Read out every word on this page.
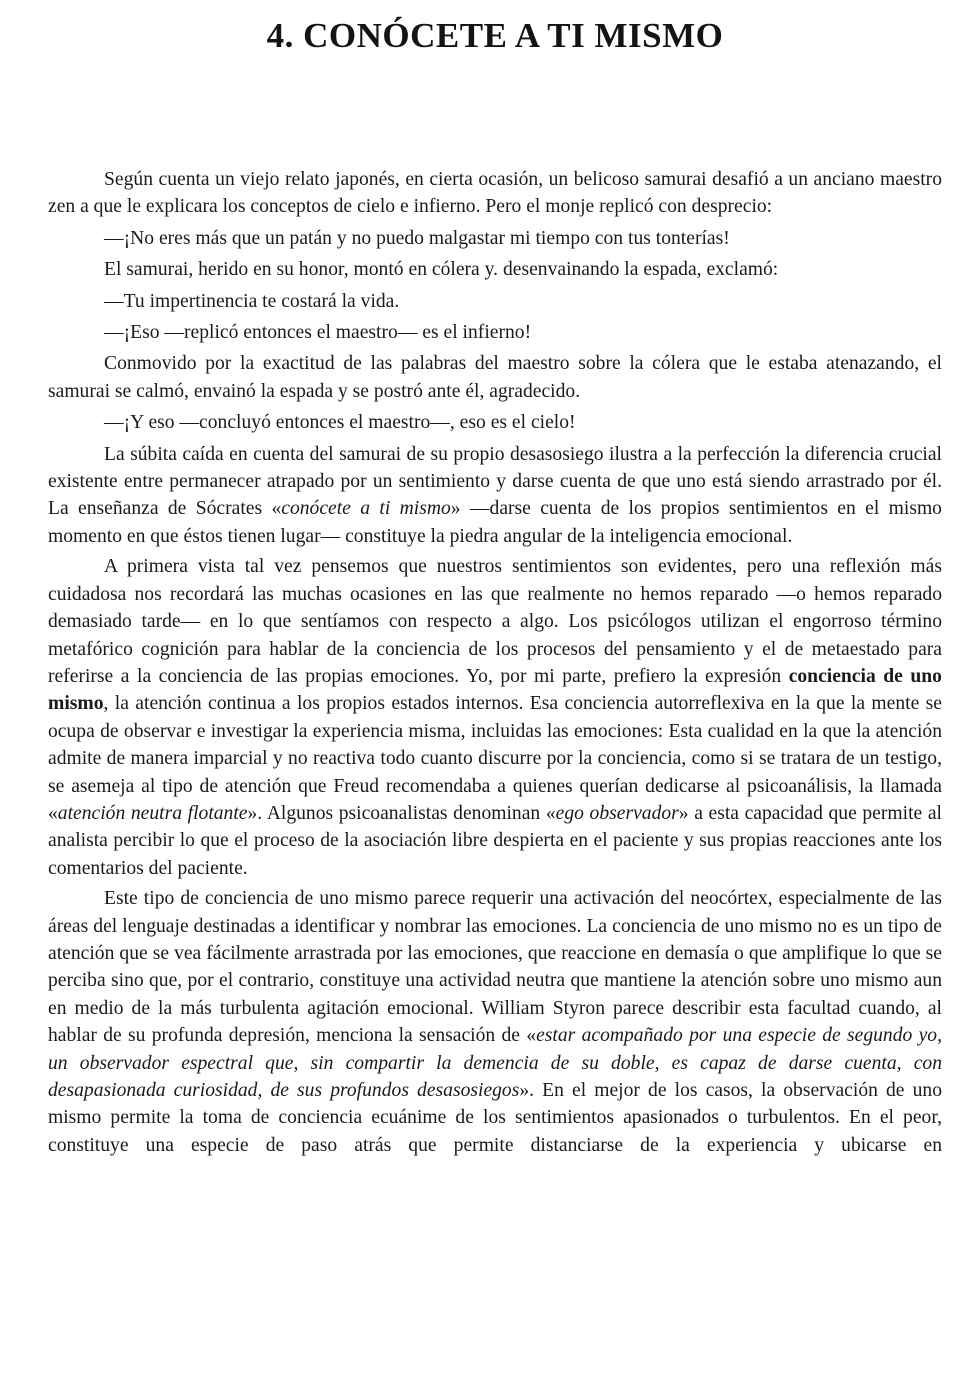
4. CONÓCETE A TI MISMO

Según cuenta un viejo relato japonés, en cierta ocasión, un belicoso samurai desafió a un anciano maestro zen a que le explicara los conceptos de cielo e infierno. Pero el monje replicó con desprecio:

—¡No eres más que un patán y no puedo malgastar mi tiempo con tus tonterías!

El samurai, herido en su honor, montó en cólera y. desenvainando la espada, exclamó:

—Tu impertinencia te costará la vida.

—¡Eso —replicó entonces el maestro— es el infierno!

Conmovido por la exactitud de las palabras del maestro sobre la cólera que le estaba atenazando, el samurai se calmó, envainó la espada y se postró ante él, agradecido.

—¡Y eso —concluyó entonces el maestro—, eso es el cielo!

La súbita caída en cuenta del samurai de su propio desasosiego ilustra a la perfección la diferencia crucial existente entre permanecer atrapado por un sentimiento y darse cuenta de que uno está siendo arrastrado por él. La enseñanza de Sócrates «conócete a ti mismo» —darse cuenta de los propios sentimientos en el mismo momento en que éstos tienen lugar— constituye la piedra angular de la inteligencia emocional.

A primera vista tal vez pensemos que nuestros sentimientos son evidentes, pero una reflexión más cuidadosa nos recordará las muchas ocasiones en las que realmente no hemos reparado —o hemos reparado demasiado tarde— en lo que sentíamos con respecto a algo. Los psicólogos utilizan el engorroso término metafórico cognición para hablar de la conciencia de los procesos del pensamiento y el de metaestado para referirse a la conciencia de las propias emociones. Yo, por mi parte, prefiero la expresión conciencia de uno mismo, la atención continua a los propios estados internos. Esa conciencia autorreflexiva en la que la mente se ocupa de observar e investigar la experiencia misma, incluidas las emociones: Esta cualidad en la que la atención admite de manera imparcial y no reactiva todo cuanto discurre por la conciencia, como si se tratara de un testigo, se asemeja al tipo de atención que Freud recomendaba a quienes querían dedicarse al psicoanálisis, la llamada «atención neutra flotante». Algunos psicoanalistas denominan «ego observador» a esta capacidad que permite al analista percibir lo que el proceso de la asociación libre despierta en el paciente y sus propias reacciones ante los comentarios del paciente.

Este tipo de conciencia de uno mismo parece requerir una activación del neocórtex, especialmente de las áreas del lenguaje destinadas a identificar y nombrar las emociones. La conciencia de uno mismo no es un tipo de atención que se vea fácilmente arrastrada por las emociones, que reaccione en demasía o que amplifique lo que se perciba sino que, por el contrario, constituye una actividad neutra que mantiene la atención sobre uno mismo aun en medio de la más turbulenta agitación emocional. William Styron parece describir esta facultad cuando, al hablar de su profunda depresión, menciona la sensación de «estar acompañado por una especie de segundo yo, un observador espectral que, sin compartir la demencia de su doble, es capaz de darse cuenta, con desapasionada curiosidad, de sus profundos desasosiegos». En el mejor de los casos, la observación de uno mismo permite la toma de conciencia ecuánime de los sentimientos apasionados o turbulentos. En el peor, constituye una especie de paso atrás que permite distanciarse de la experiencia y ubicarse en
